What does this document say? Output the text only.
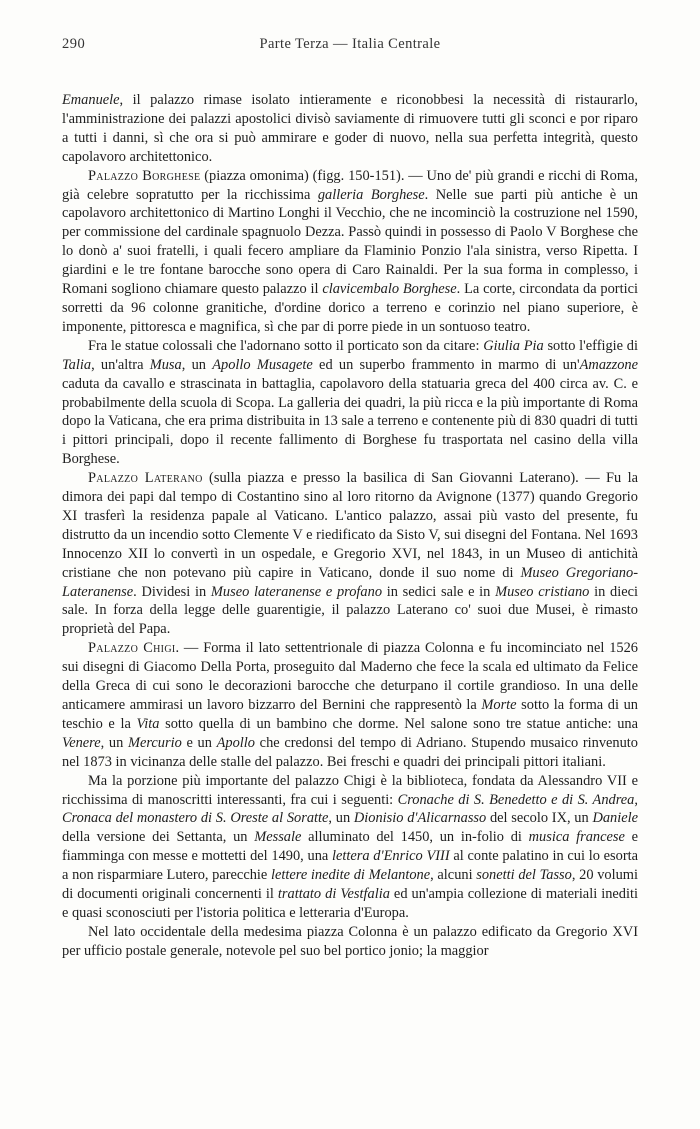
290	Parte Terza — Italia Centrale

Emanuele, il palazzo rimase isolato intieramente e riconobbesi la necessità di ristaurarlo, l'amministrazione dei palazzi apostolici divisò saviamente di rimuovere tutti gli sconci e por riparo a tutti i danni, sì che ora si può ammirare e goder di nuovo, nella sua perfetta integrità, questo capolavoro architettonico.

Palazzo Borghese (piazza omonima) (figg. 150-151). — Uno de' più grandi e ricchi di Roma, già celebre sopratutto per la ricchissima galleria Borghese. Nelle sue parti più antiche è un capolavoro architettonico di Martino Longhi il Vecchio, che ne incominciò la costruzione nel 1590, per commissione del cardinale spagnuolo Dezza. Passò quindi in possesso di Paolo V Borghese che lo donò a' suoi fratelli, i quali fecero ampliare da Flaminio Ponzio l'ala sinistra, verso Ripetta. I giardini e le tre fontane barocche sono opera di Caro Rainaldi. Per la sua forma in complesso, i Romani sogliono chiamare questo palazzo il clavicembalo Borghese. La corte, circondata da portici sorretti da 96 colonne granitiche, d'ordine dorico a terreno e corinzio nel piano superiore, è imponente, pittoresca e magnifica, sì che par di porre piede in un sontuoso teatro.

Fra le statue colossali che l'adornano sotto il porticato son da citare: Giulia Pia sotto l'effigie di Talia, un'altra Musa, un Apollo Musagete ed un superbo frammento in marmo di un'Amazzone caduta da cavallo e strascinata in battaglia, capolavoro della statuaria greca del 400 circa av. C. e probabilmente della scuola di Scopa. La galleria dei quadri, la più ricca e la più importante di Roma dopo la Vaticana, che era prima distribuita in 13 sale a terreno e contenente più di 830 quadri di tutti i pittori principali, dopo il recente fallimento di Borghese fu trasportata nel casino della villa Borghese.

Palazzo Laterano (sulla piazza e presso la basilica di San Giovanni Laterano). — Fu la dimora dei papi dal tempo di Costantino sino al loro ritorno da Avignone (1377) quando Gregorio XI trasferì la residenza papale al Vaticano. L'antico palazzo, assai più vasto del presente, fu distrutto da un incendio sotto Clemente V e riedificato da Sisto V, sui disegni del Fontana. Nel 1693 Innocenzo XII lo convertì in un ospedale, e Gregorio XVI, nel 1843, in un Museo di antichità cristiane che non potevano più capire in Vaticano, donde il suo nome di Museo Gregoriano-Lateranense. Dividesi in Museo lateranense e profano in sedici sale e in Museo cristiano in dieci sale. In forza della legge delle guarentigie, il palazzo Laterano co' suoi due Musei, è rimasto proprietà del Papa.

Palazzo Chigi. — Forma il lato settentrionale di piazza Colonna e fu incominciato nel 1526 sui disegni di Giacomo Della Porta, proseguito dal Maderno che fece la scala ed ultimato da Felice della Greca di cui sono le decorazioni barocche che deturpano il cortile grandioso. In una delle anticamere ammirasi un lavoro bizzarro del Bernini che rappresentò la Morte sotto la forma di un teschio e la Vita sotto quella di un bambino che dorme. Nel salone sono tre statue antiche: una Venere, un Mercurio e un Apollo che credonsi del tempo di Adriano. Stupendo musaico rinvenuto nel 1873 in vicinanza delle stalle del palazzo. Bei freschi e quadri dei principali pittori italiani.

Ma la porzione più importante del palazzo Chigi è la biblioteca, fondata da Alessandro VII e ricchissima di manoscritti interessanti, fra cui i seguenti: Cronache di S. Benedetto e di S. Andrea, Cronaca del monastero di S. Oreste al Soratte, un Dionisio d'Alicarnasso del secolo IX, un Daniele della versione dei Settanta, un Messale alluminato del 1450, un in-folio di musica francese e fiamminga con messe e mottetti del 1490, una lettera d'Enrico VIII al conte palatino in cui lo esorta a non risparmiare Lutero, parecchie lettere inedite di Melantone, alcuni sonetti del Tasso, 20 volumi di documenti originali concernenti il trattato di Vestfalia ed un'ampia collezione di materiali inediti e quasi sconosciuti per l'istoria politica e letteraria d'Europa.

Nel lato occidentale della medesima piazza Colonna è un palazzo edificato da Gregorio XVI per ufficio postale generale, notevole pel suo bel portico jonio; la maggior
